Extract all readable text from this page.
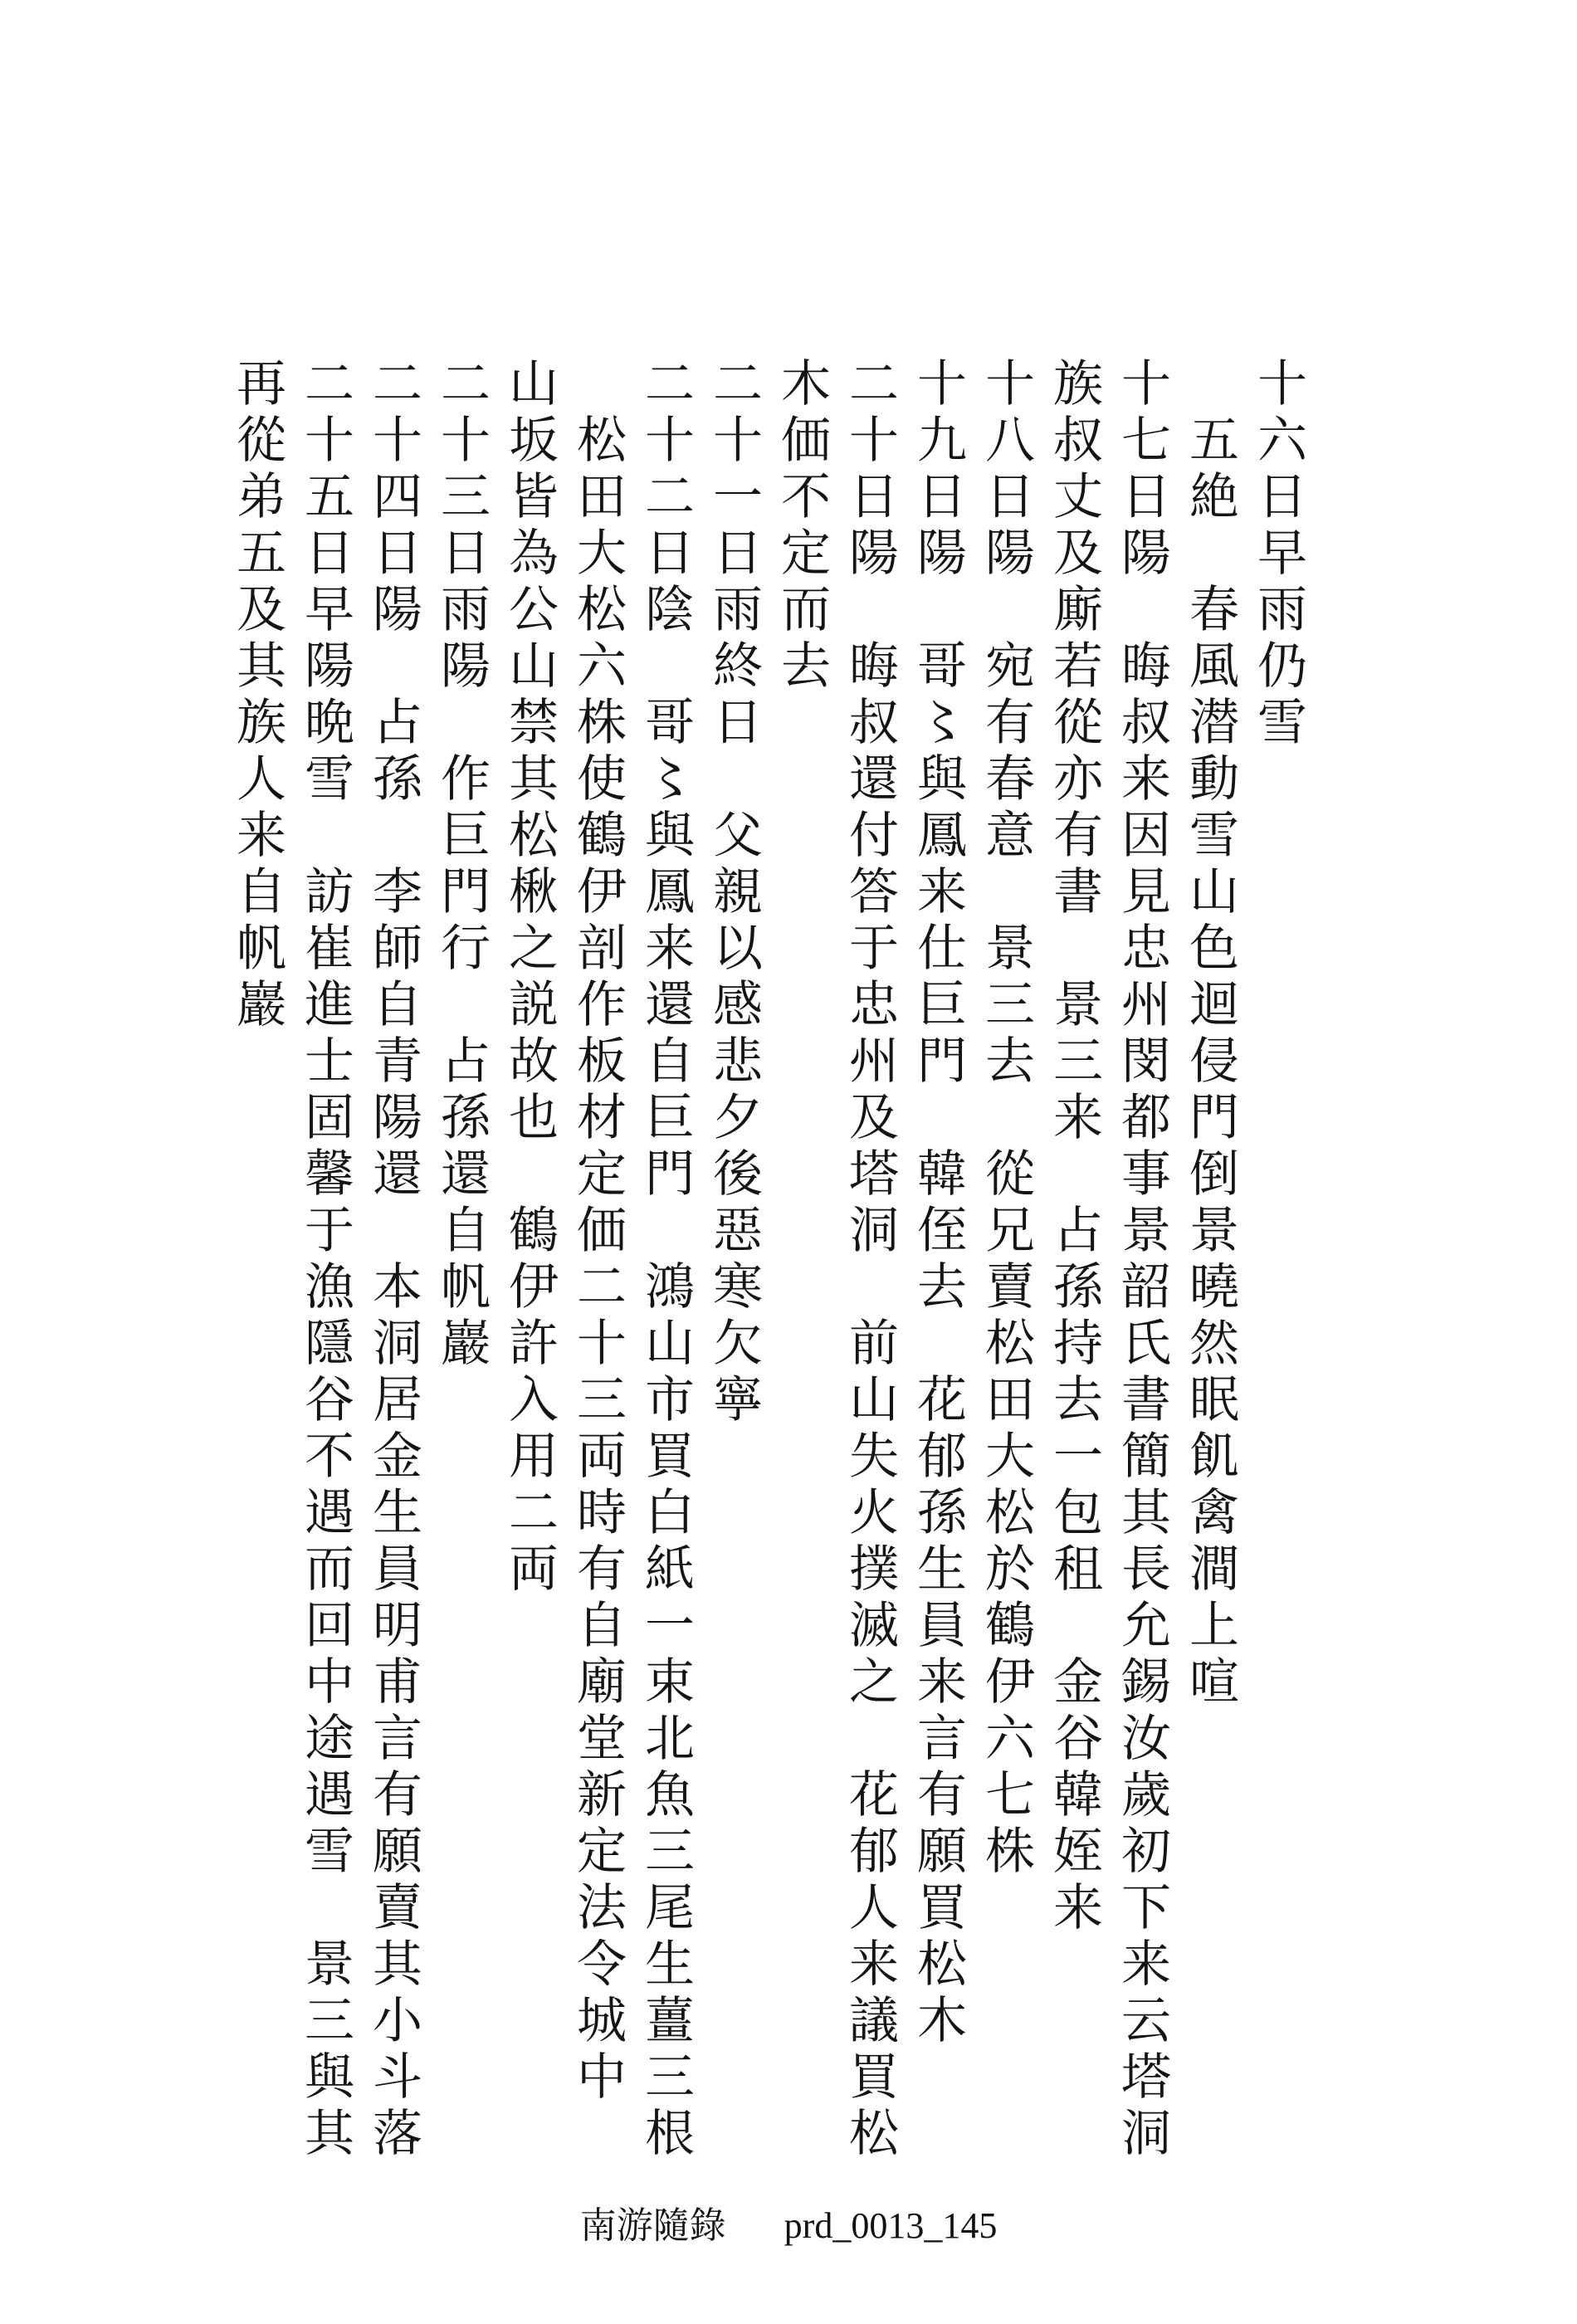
十六日早雨仍雪
　五絶　春風潜動雪山色迴侵門倒景曉然眠飢禽澗上喧
十七日陽　晦叔来因見忠州閔都事景韶氏書簡其長允錫汝歲初下来云塔洞
族叔丈及廝若從亦有書　景三来　占孫持去一包租　金谷韓姪来
十八日陽　宛有春意　景三去　從兄賣松田大松於鶴伊六七株
十九日陽　哥〻與鳳来仕巨門　韓侄去　花郁孫生員来言有願買松木
二十日陽　晦叔還付答于忠州及塔洞　前山失火撲滅之　花郁人来議買松
木価不定而去
二十一日雨終日　父親以感悲夕後惡寒欠寧
二十二日陰　哥〻與鳳来還自巨門　鴻山市買白紙一束北魚三尾生薑三根
　松田大松六株使鶴伊剖作板材定価二十三両時有自廟堂新定法令城中
山坂皆為公山禁其松楸之説故也　鶴伊許入用二両
二十三日雨陽　作巨門行　占孫還自帆巖
二十四日陽　占孫　李師自青陽還　本洞居金生員明甫言有願賣其小斗落
二十五日早陽晩雪　訪崔進士固馨于漁隱谷不遇而回中途遇雪　景三與其
再從弟五及其族人来自帆巖
南游隨錄 prd_0013_145
